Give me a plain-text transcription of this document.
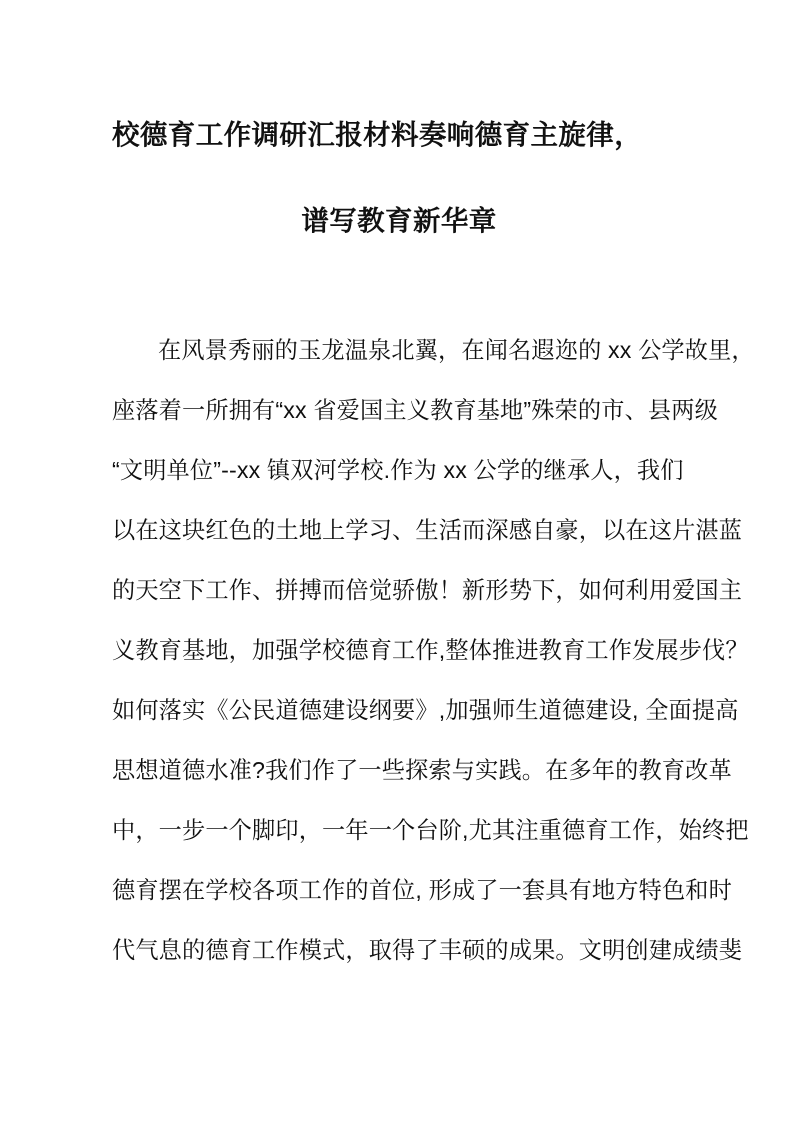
校德育工作调研汇报材料奏响德育主旋律，
谱写教育新华章
在风景秀丽的玉龙温泉北翼，在闻名遐迩的 xx 公学故里，
座落着一所拥有“xx 省爱国主义教育基地”殊荣的市、县两级
“文明单位”--xx 镇双河学校.作为 xx 公学的继承人，我们
以在这块红色的土地上学习、生活而深感自豪，以在这片湛蓝
的天空下工作、拼搏而倍觉骄傲！新形势下，如何利用爱国主
义教育基地，加强学校德育工作,整体推进教育工作发展步伐？
如何落实《公民道德建设纲要》,加强师生道德建设, 全面提高
思想道德水准?我们作了一些探索与实践。在多年的教育改革
中，一步一个脚印，一年一个台阶,尤其注重德育工作，始终把
德育摆在学校各项工作的首位, 形成了一套具有地方特色和时
代气息的德育工作模式，取得了丰硕的成果。文明创建成绩斐
